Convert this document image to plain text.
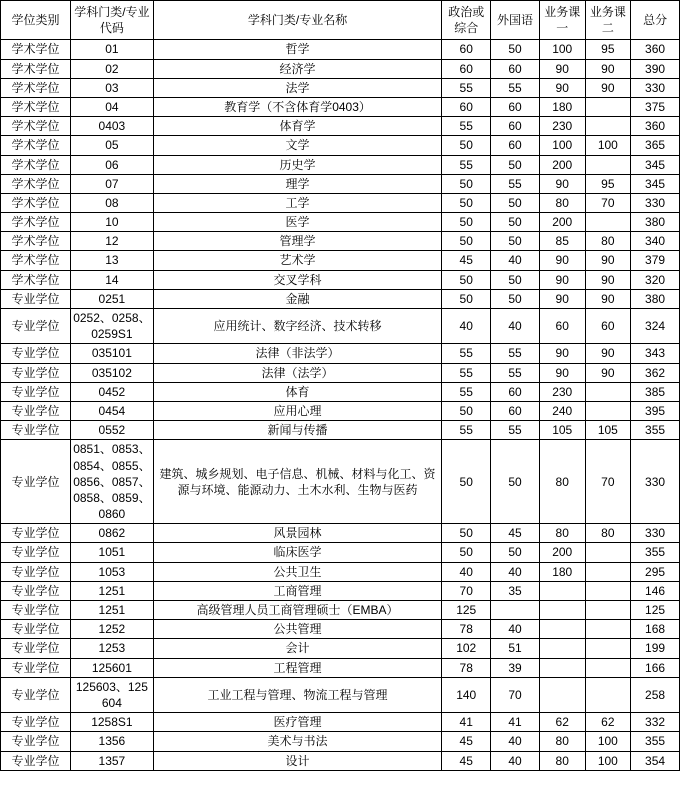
学位类别	学科门类/专业代码	学科门类/专业名称	政治或综合	外国语	业务课一	业务课二	总分
学术学位	01	哲学	60	50	100	95	360
学术学位	02	经济学	60	60	90	90	390
学术学位	03	法学	55	55	90	90	330
学术学位	04	教育学（不含体育学0403）	60	60	180		375
学术学位	0403	体育学	55	60	230		360
学术学位	05	文学	50	60	100	100	365
学术学位	06	历史学	55	50	200		345
学术学位	07	理学	50	55	90	95	345
学术学位	08	工学	50	50	80	70	330
学术学位	10	医学	50	50	200		380
学术学位	12	管理学	50	50	85	80	340
学术学位	13	艺术学	45	40	90	90	379
学术学位	14	交叉学科	50	50	90	90	320
专业学位	0251	金融	50	50	90	90	380
专业学位	0252、0258、0259S1	应用统计、数字经济、技术转移	40	40	60	60	324
专业学位	035101	法律（非法学）	55	55	90	90	343
专业学位	035102	法律（法学）	55	55	90	90	362
专业学位	0452	体育	55	60	230		385
专业学位	0454	应用心理	50	60	240		395
专业学位	0552	新闻与传播	55	55	105	105	355
专业学位	0851、0853、0854、0855、0856、0857、0858、0859、0860	建筑、城乡规划、电子信息、机械、材料与化工、资源与环境、能源动力、土木水利、生物与医药	50	50	80	70	330
专业学位	0862	风景园林	50	45	80	80	330
专业学位	1051	临床医学	50	50	200		355
专业学位	1053	公共卫生	40	40	180		295
专业学位	1251	工商管理	70	35			146
专业学位	1251	高级管理人员工商管理硕士（EMBA）	125				125
专业学位	1252	公共管理	78	40			168
专业学位	1253	会计	102	51			199
专业学位	125601	工程管理	78	39			166
专业学位	125603、125604	工业工程与管理、物流工程与管理	140	70			258
专业学位	1258S1	医疗管理	41	41	62	62	332
专业学位	1356	美术与书法	45	40	80	100	355
专业学位	1357	设计	45	40	80	100	354
